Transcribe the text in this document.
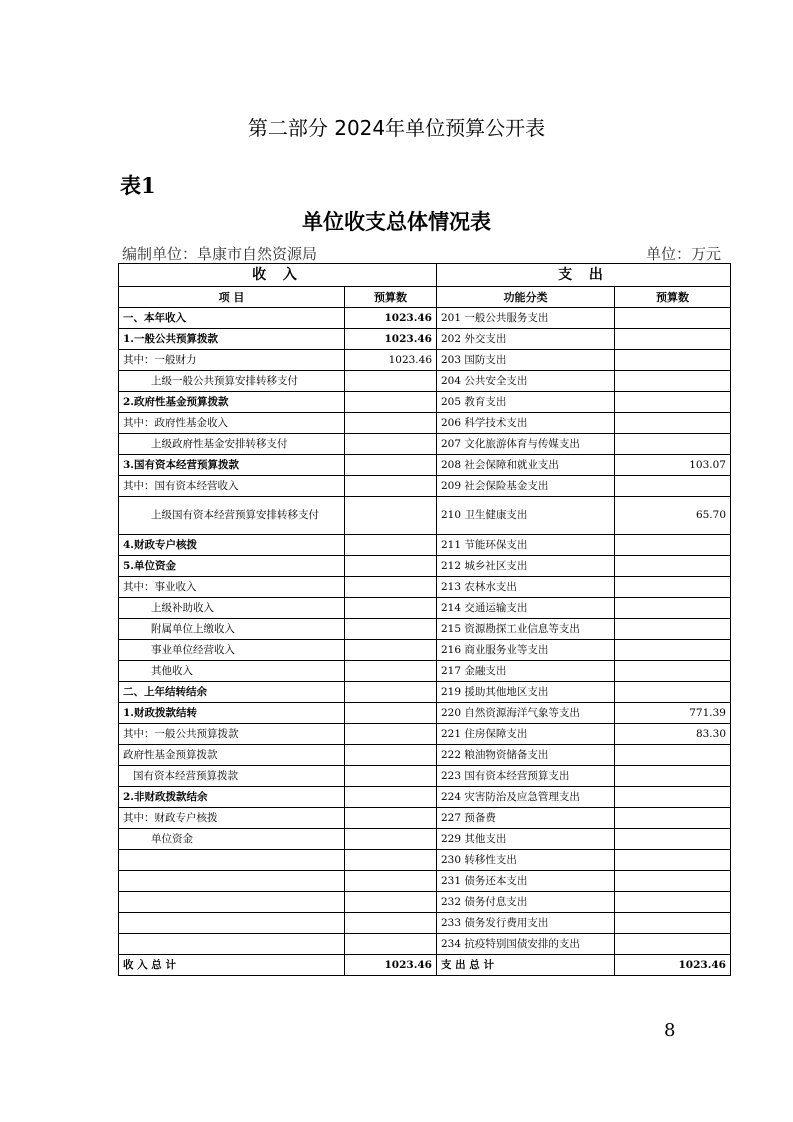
第二部分 2024年单位预算公开表
表1
单位收支总体情况表
编制单位：阜康市自然资源局	单位：万元
收 入		支 出	
项 目	预算数	功能分类	预算数
一、本年收入	1023.46	201 一般公共服务支出	
1.一般公共预算拨款	1023.46	202 外交支出	
其中：一般财力	1023.46	203 国防支出	
上级一般公共预算安排转移支付		204 公共安全支出	
2.政府性基金预算拨款		205 教育支出	
其中：政府性基金收入		206 科学技术支出	
上级政府性基金安排转移支付		207 文化旅游体育与传媒支出	
3.国有资本经营预算拨款		208 社会保障和就业支出	103.07
其中：国有资本经营收入		209 社会保险基金支出	
上级国有资本经营预算安排转移支付		210 卫生健康支出	65.70
4.财政专户核拨		211 节能环保支出	
5.单位资金		212 城乡社区支出	
其中：事业收入		213 农林水支出	
上级补助收入		214 交通运输支出	
附属单位上缴收入		215 资源勘探工业信息等支出	
事业单位经营收入		216 商业服务业等支出	
其他收入		217 金融支出	
二、上年结转结余		219 援助其他地区支出	
1.财政拨款结转		220 自然资源海洋气象等支出	771.39
其中：一般公共预算拨款		221 住房保障支出	83.30
政府性基金预算拨款		222 粮油物资储备支出	
国有资本经营预算拨款		223 国有资本经营预算支出	
2.非财政拨款结余		224 灾害防治及应急管理支出	
其中：财政专户核拨		227 预备费	
单位资金		229 其他支出	
		230 转移性支出	
		231 债务还本支出	
		232 债务付息支出	
		233 债务发行费用支出	
		234 抗疫特别国债安排的支出	
收 入 总 计	1023.46	支 出 总 计	1023.46
8
